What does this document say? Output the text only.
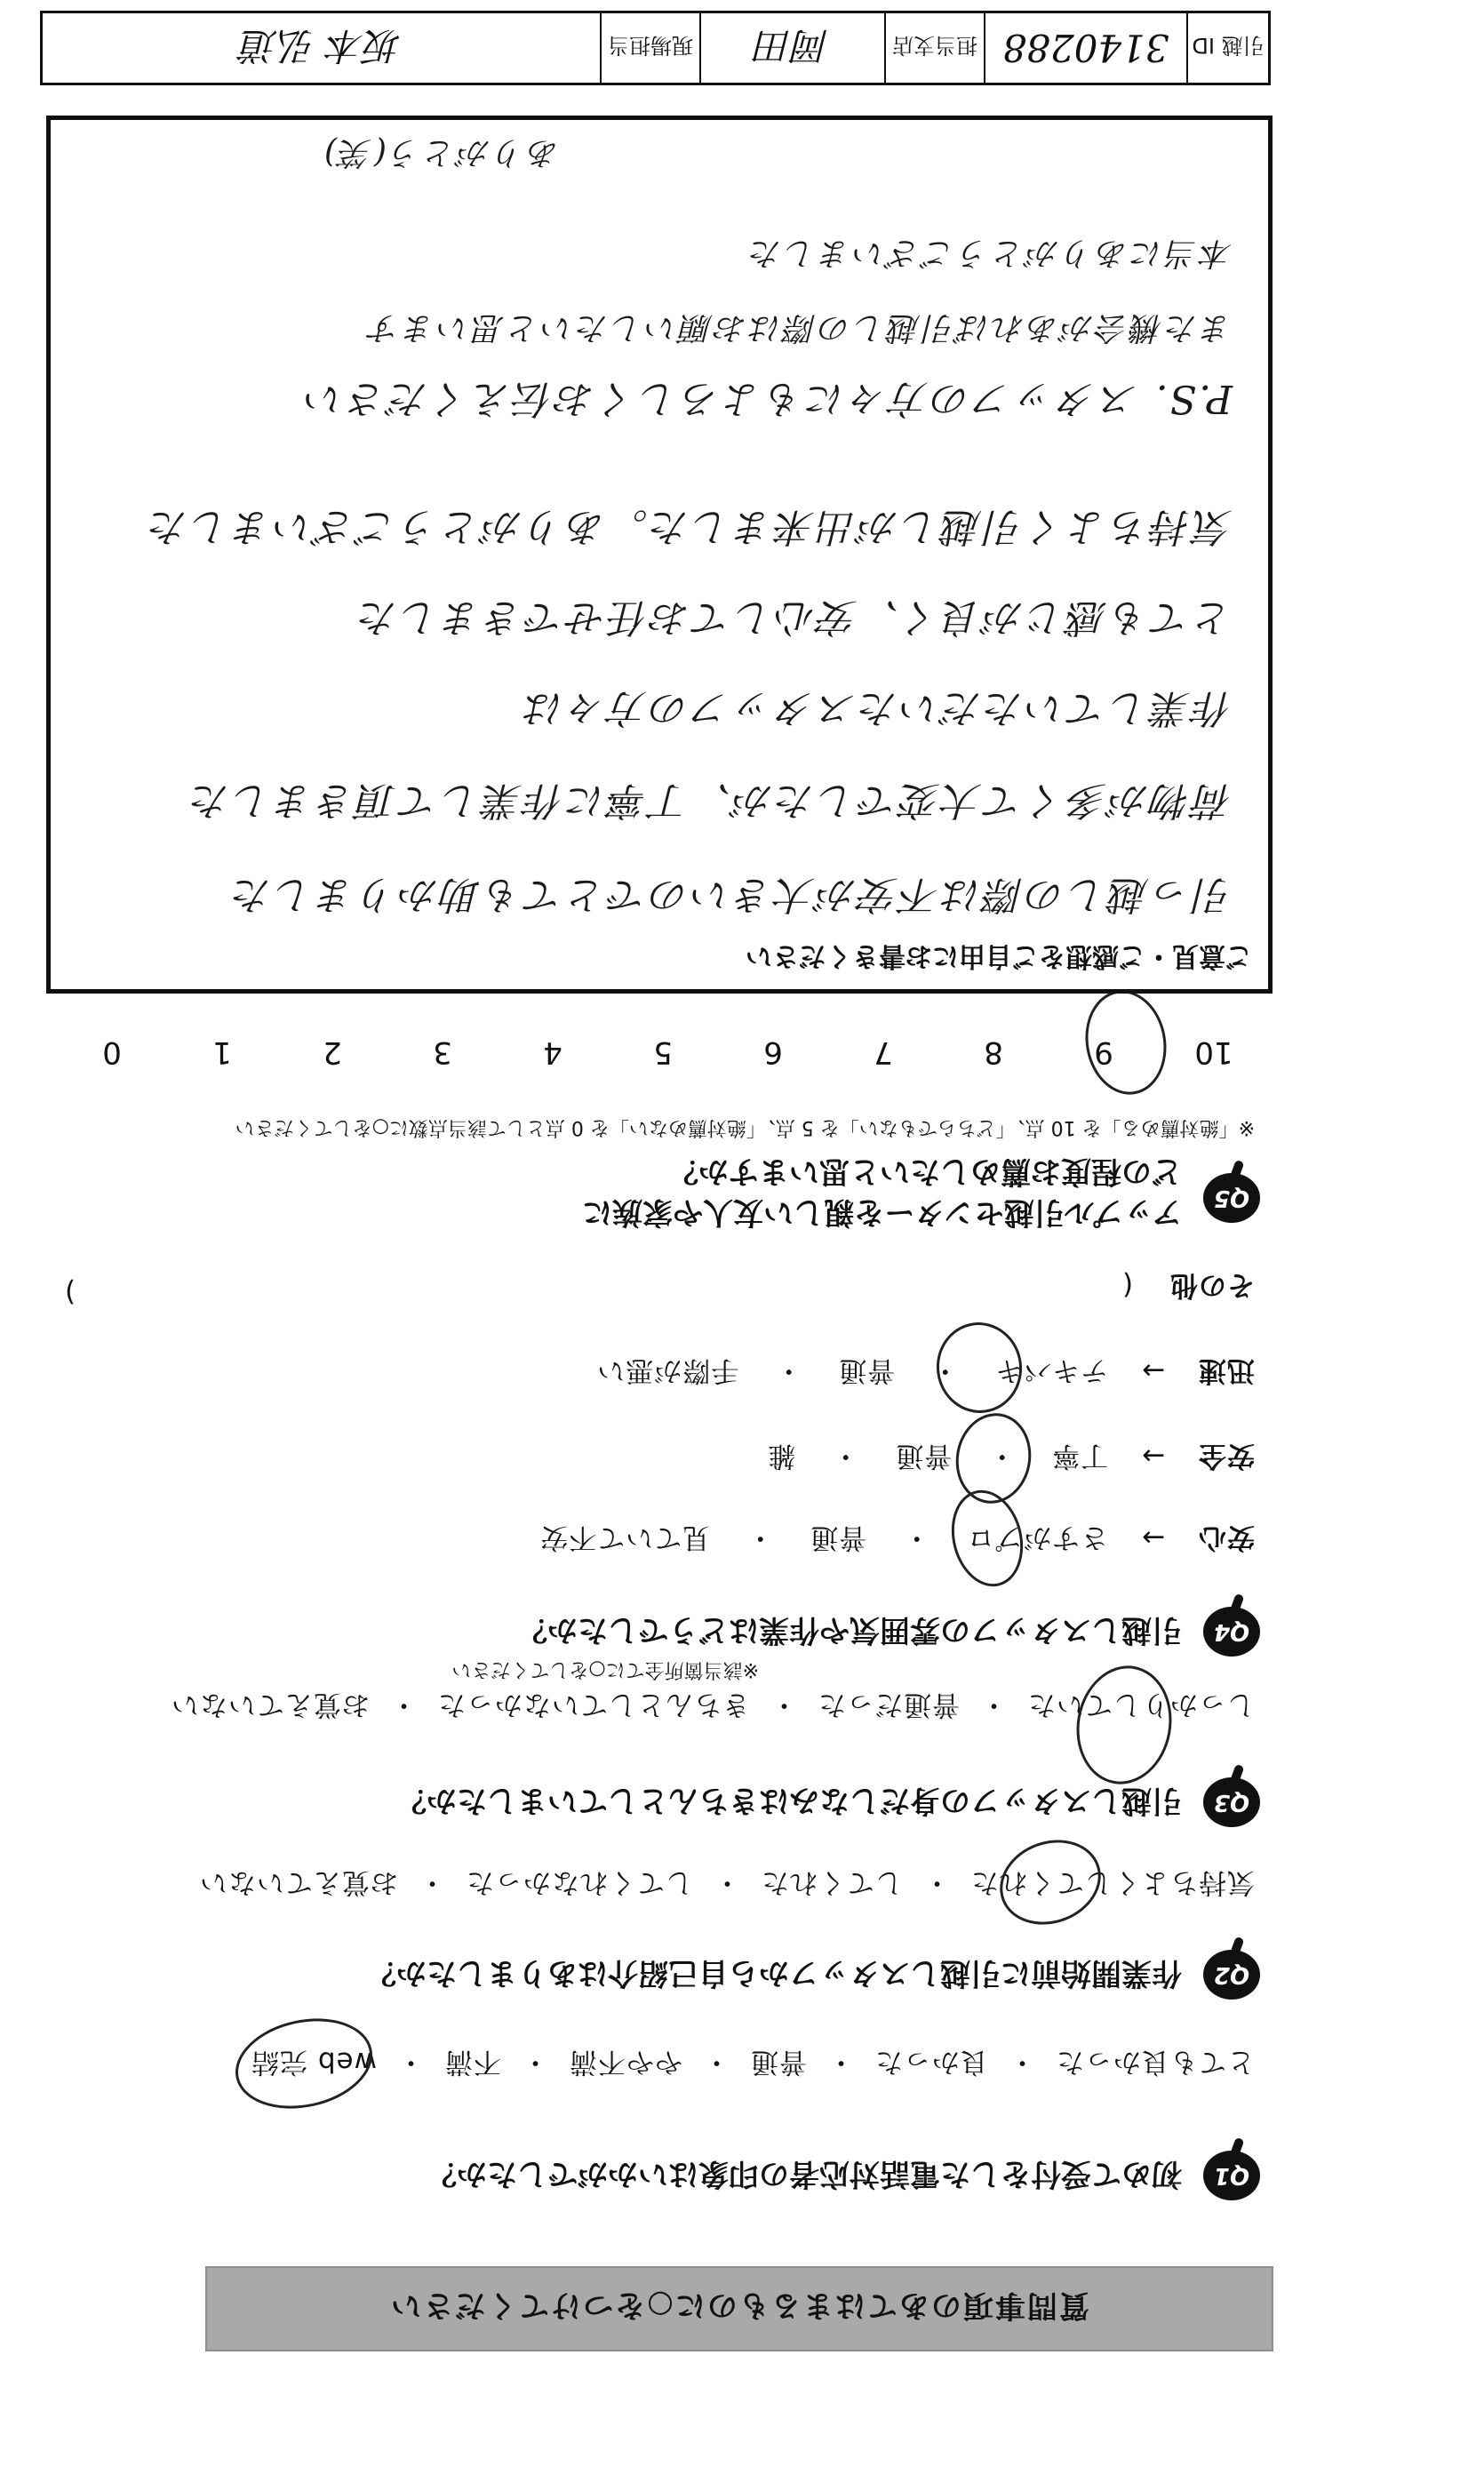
質問事項のあてはまるものに○をつけてください
Q1
初めて受付をした電話対応者の印象はいかがでしたか？
とても良かった・良かった・普通・やや不満・不満・web 完結
Q2
作業開始前に引越しスタッフから自己紹介はありましたか？
気持ちよくしてくれた・してくれた・してくれなかった・お覚えていない
Q3
引越しスタッフの身だしなみはきちんとしていましたか？
しっかりしていた・普通だった・きちんとしていなかった・お覚えていない
Q4
引越しスタッフの雰囲気や作業はどうでしたか？
※該当箇所全てに○をしてください
安心 → さすがプロ・普通・見ていて不安
安全 → 丁寧・普通・雑
迅速 → テキパキ・普通・手際が悪い
その他 (
)
Q5
アップル引越センターを親しい友人や家族に
どの程度お薦めしたいと思いますか？
※「絶対薦める」を 10 点、「どちらでもない」を 5 点、「絶対薦めない」を 0 点として該当点数に○をしてください
109876543210
ご意見・ご感想をご自由にお書きください
引っ越しの際は不安が大きいのでとても助かりました
荷物が多くて大変でしたが、丁寧に作業して頂きました
作業していただいたスタッフの方々は
とても感じが良く、安心してお任せできました
気持ちよく引越しが出来ました。ありがとうございました
P.S. スタッフの方々にもよろしくお伝えください
また機会があれば引越しの際はお願いしたいと思います
本当にありがとうございました
ありがとう(笑)
引越 ID
3140288
担当支店
岡田
現場担当
坂本 弘道
